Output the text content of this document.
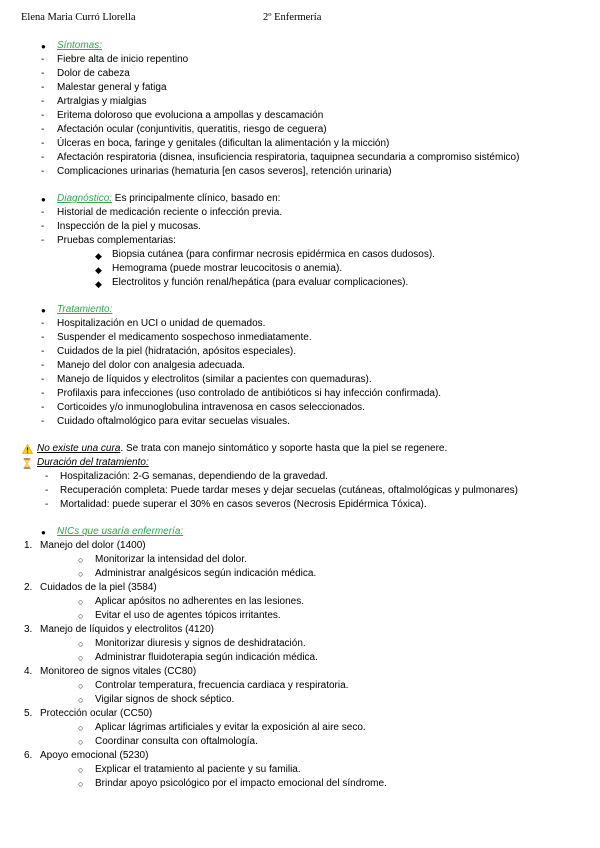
Elena Maria Curró Llorella	2º Enfermería
● Síntomas:
- Fiebre alta de inicio repentino
- Dolor de cabeza
- Malestar general y fatiga
- Artralgias y mialgias
- Eritema doloroso que evoluciona a ampollas y descamación
- Afectación ocular (conjuntivitis, queratitis, riesgo de ceguera)
- Úlceras en boca, faringe y genitales (dificultan la alimentación y la micción)
- Afectación respiratoria (disnea, insuficiencia respiratoria, taquipnea secundaria a compromiso sistémico)
- Complicaciones urinarias (hematuria [en casos severos], retención urinaria)
● Diagnóstico: Es principalmente clínico, basado en:
- Historial de medicación reciente o infección previa.
- Inspección de la piel y mucosas.
- Pruebas complementarias:
◆ Biopsia cutánea (para confirmar necrosis epidérmica en casos dudosos).
◆ Hemograma (puede mostrar leucocitosis o anemia).
◆ Electrolitos y función renal/hepática (para evaluar complicaciones).
● Tratamiento:
- Hospitalización en UCI o unidad de quemados.
- Suspender el medicamento sospechoso inmediatamente.
- Cuidados de la piel (hidratación, apósitos especiales).
- Manejo del dolor con analgesia adecuada.
- Manejo de líquidos y electrolitos (similar a pacientes con quemaduras).
- Profilaxis para infecciones (uso controlado de antibióticos si hay infección confirmada).
- Corticoides y/o inmunoglobulina intravenosa en casos seleccionados.
- Cuidado oftalmológico para evitar secuelas visuales.
No existe una cura. Se trata con manejo sintomático y soporte hasta que la piel se regenere.
Duración del tratamiento:
- Hospitalización: 2-G semanas, dependiendo de la gravedad.
- Recuperación completa: Puede tardar meses y dejar secuelas (cutáneas, oftalmológicas y pulmonares)
- Mortalidad: puede superar el 30% en casos severos (Necrosis Epidérmica Tóxica).
● NICs que usaría enfermería:
1. Manejo del dolor (1400)
○ Monitorizar la intensidad del dolor.
○ Administrar analgésicos según indicación médica.
2. Cuidados de la piel (3584)
○ Aplicar apósitos no adherentes en las lesiones.
○ Evitar el uso de agentes tópicos irritantes.
3. Manejo de líquidos y electrolitos (4120)
○ Monitorizar diuresis y signos de deshidratación.
○ Administrar fluidoterapia según indicación médica.
4. Monitoreo de signos vitales (CC80)
○ Controlar temperatura, frecuencia cardiaca y respiratoria.
○ Vigilar signos de shock séptico.
5. Protección ocular (CC50)
○ Aplicar lágrimas artificiales y evitar la exposición al aire seco.
○ Coordinar consulta con oftalmología.
6. Apoyo emocional (5230)
○ Explicar el tratamiento al paciente y su familia.
○ Brindar apoyo psicológico por el impacto emocional del síndrome.
